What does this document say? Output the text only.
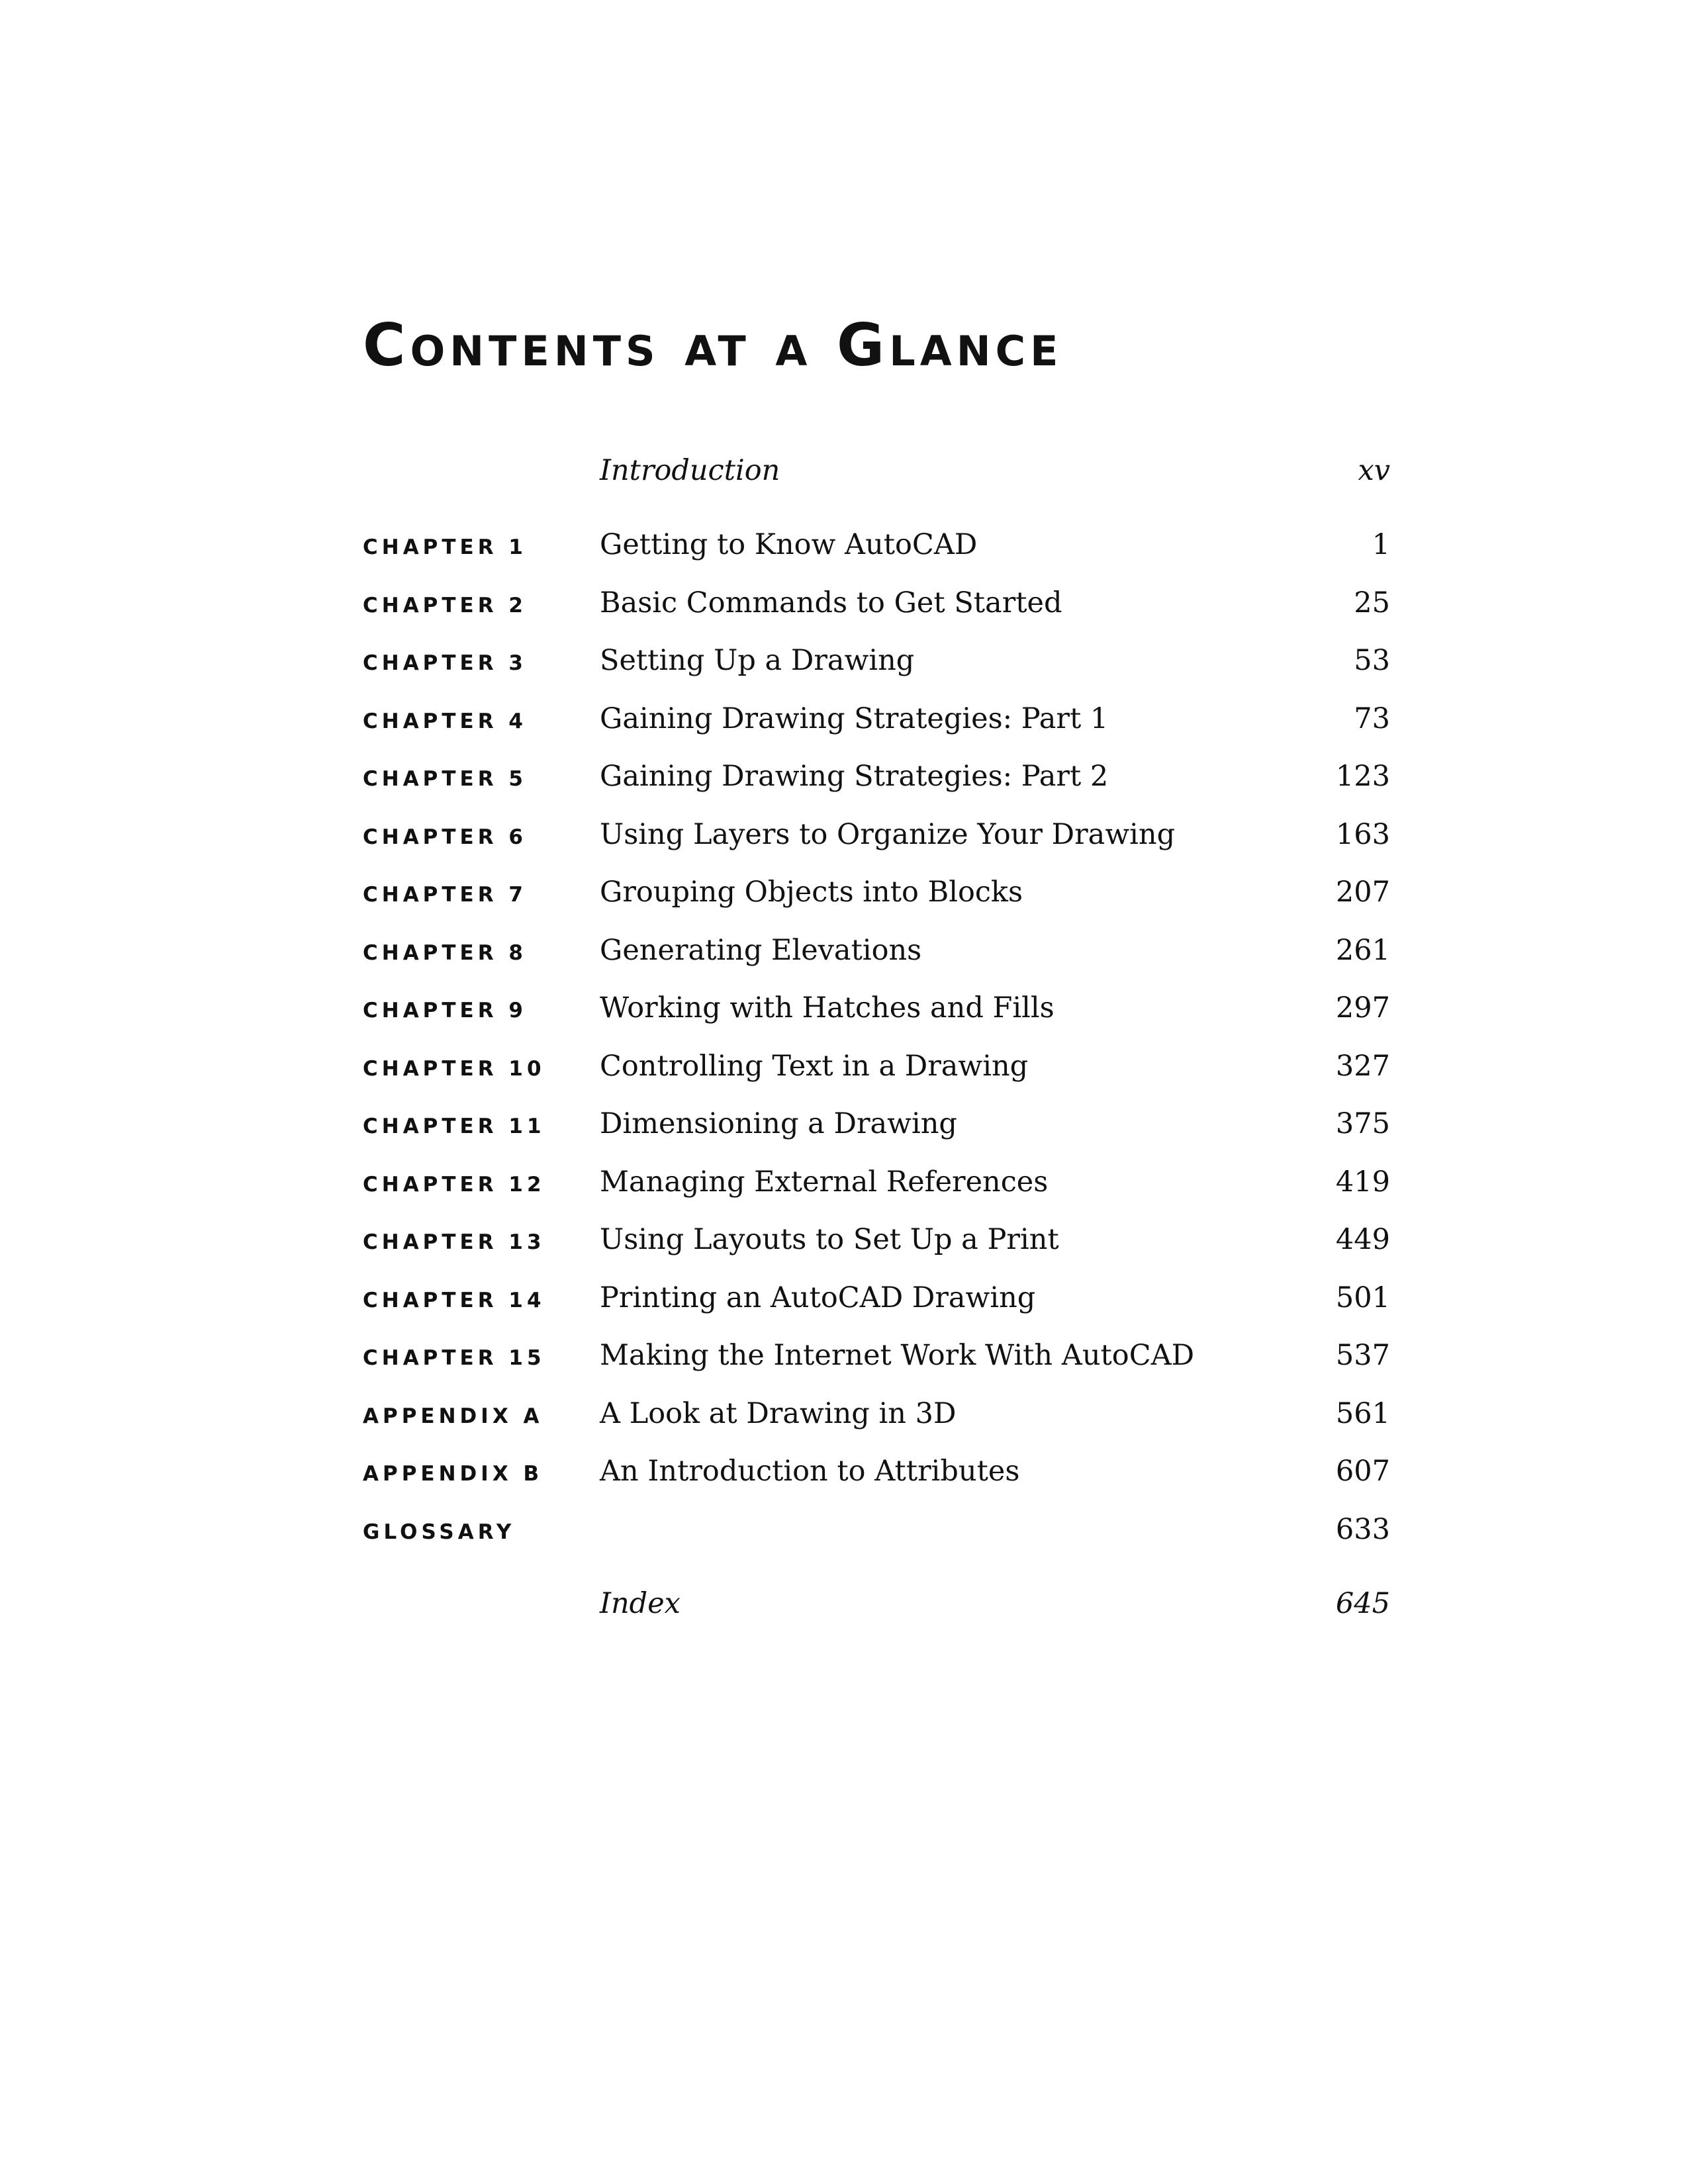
Contents at a Glance
Introduction	xv
CHAPTER 1	Getting to Know AutoCAD	1
CHAPTER 2	Basic Commands to Get Started	25
CHAPTER 3	Setting Up a Drawing	53
CHAPTER 4	Gaining Drawing Strategies: Part 1	73
CHAPTER 5	Gaining Drawing Strategies: Part 2	123
CHAPTER 6	Using Layers to Organize Your Drawing	163
CHAPTER 7	Grouping Objects into Blocks	207
CHAPTER 8	Generating Elevations	261
CHAPTER 9	Working with Hatches and Fills	297
CHAPTER 10 Controlling Text in a Drawing	327
CHAPTER 11 Dimensioning a Drawing	375
CHAPTER 12 Managing External References	419
CHAPTER 13 Using Layouts to Set Up a Print	449
CHAPTER 14 Printing an AutoCAD Drawing	501
CHAPTER 15 Making the Internet Work With AutoCAD	537
APPENDIX A A Look at Drawing in 3D	561
APPENDIX B An Introduction to Attributes	607
GLOSSARY	633
Index	645
